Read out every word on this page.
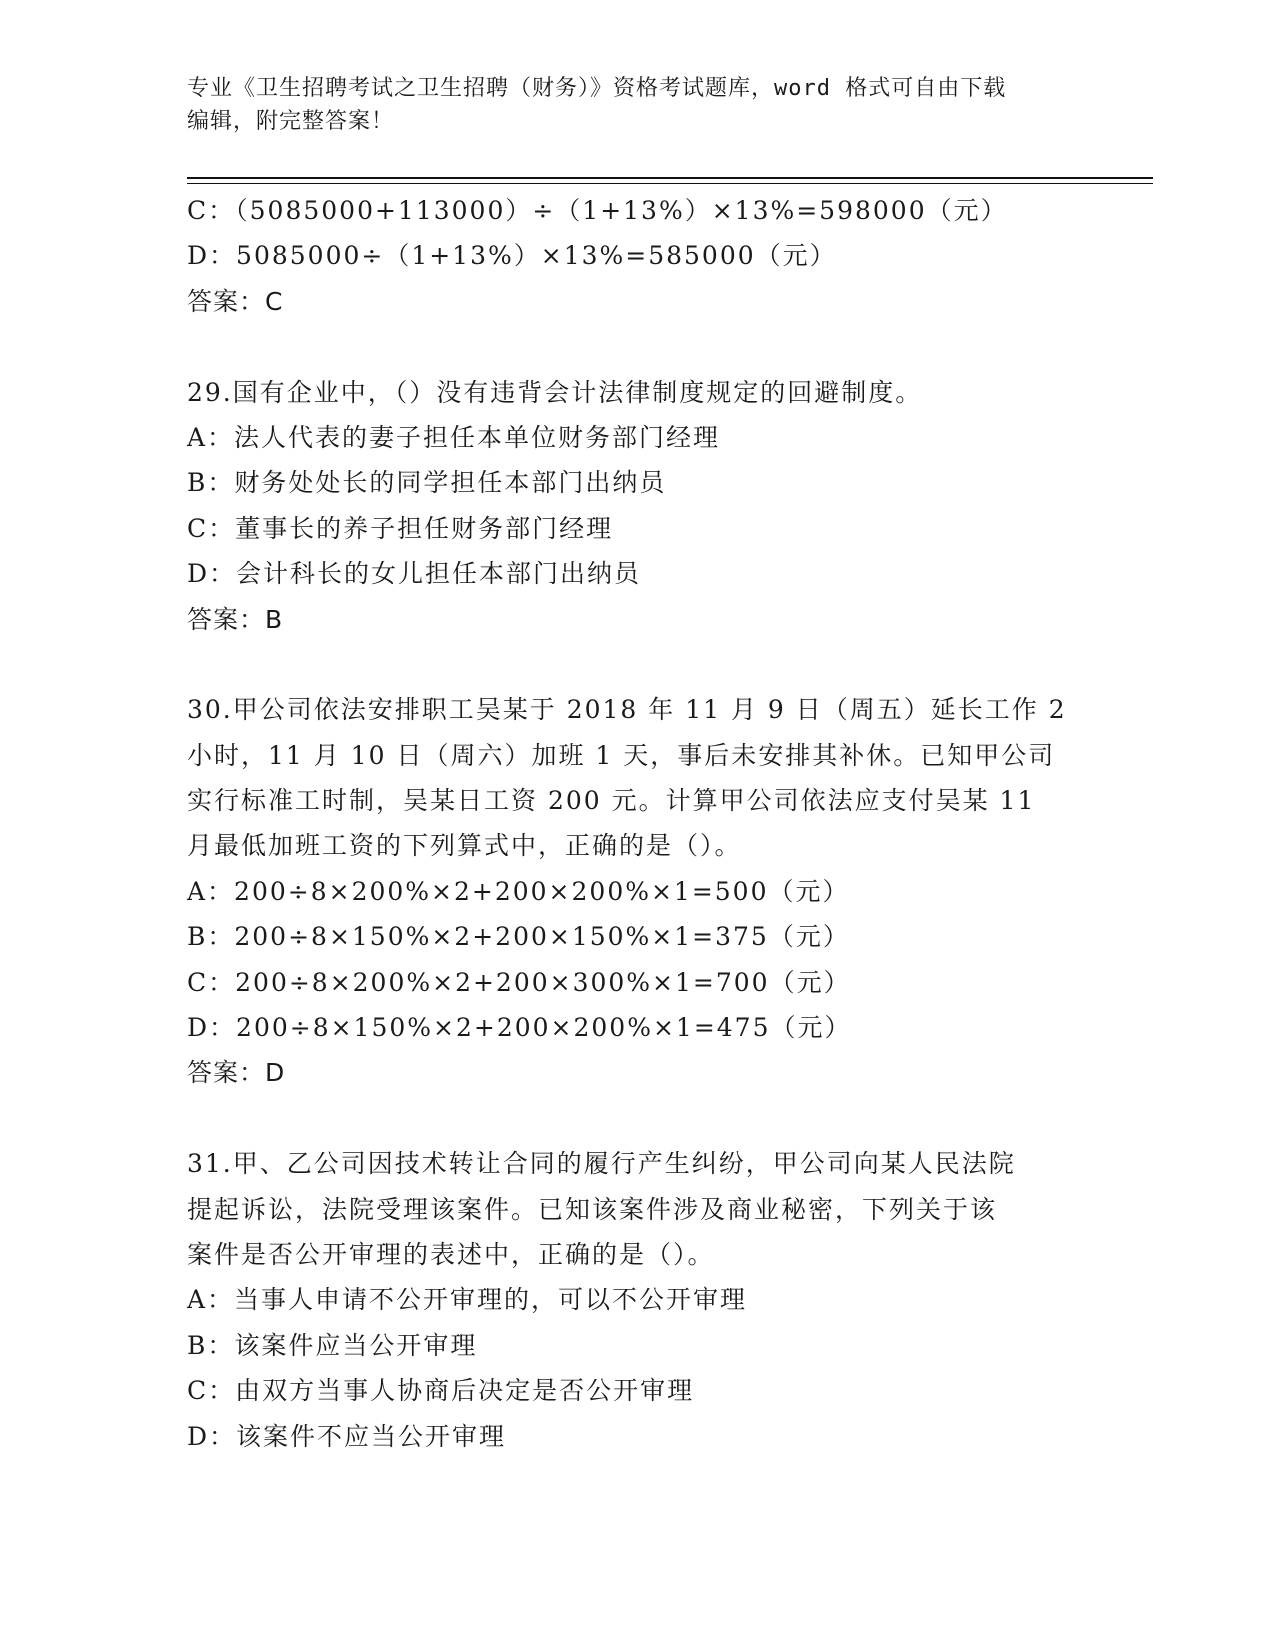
专业《卫生招聘考试之卫生招聘（财务）》资格考试题库，word 格式可自由下载
编辑，附完整答案！
C：（5085000+113000）÷（1+13%）×13%=598000（元）
D：5085000÷（1+13%）×13%=585000（元）
答案：C
29.国有企业中，（）没有违背会计法律制度规定的回避制度。
A：法人代表的妻子担任本单位财务部门经理
B：财务处处长的同学担任本部门出纳员
C：董事长的养子担任财务部门经理
D：会计科长的女儿担任本部门出纳员
答案：B
30.甲公司依法安排职工吴某于 2018 年 11 月 9 日（周五）延长工作 2
小时，11 月 10 日（周六）加班 1 天，事后未安排其补休。已知甲公司
实行标准工时制，吴某日工资 200 元。计算甲公司依法应支付吴某 11
月最低加班工资的下列算式中，正确的是（）。
A：200÷8×200%×2+200×200%×1=500（元）
B：200÷8×150%×2+200×150%×1=375（元）
C：200÷8×200%×2+200×300%×1=700（元）
D：200÷8×150%×2+200×200%×1=475（元）
答案：D
31.甲、乙公司因技术转让合同的履行产生纠纷，甲公司向某人民法院
提起诉讼，法院受理该案件。已知该案件涉及商业秘密，下列关于该
案件是否公开审理的表述中，正确的是（）。
A：当事人申请不公开审理的，可以不公开审理
B：该案件应当公开审理
C：由双方当事人协商后决定是否公开审理
D：该案件不应当公开审理
